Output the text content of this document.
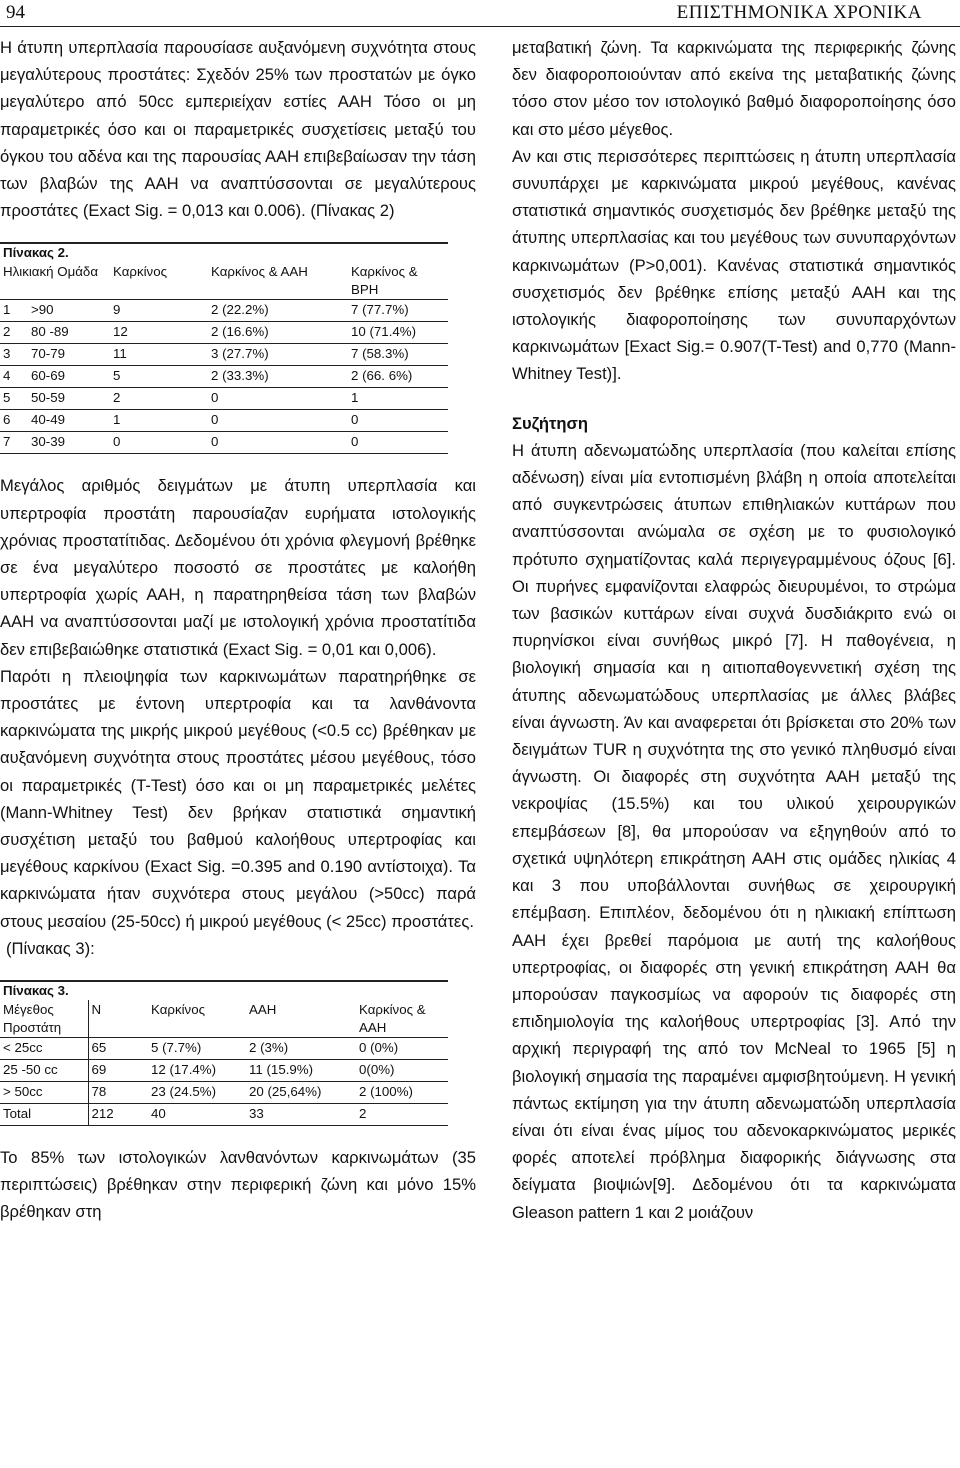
94	ΕΠΙΣΤΗΜΟΝΙΚΑ ΧΡΟΝΙΚΑ

Η άτυπη υπερπλασία παρουσίασε αυξανόμενη συχνότητα στους μεγαλύτερους προστάτες: Σχεδόν 25% των προστατών με όγκο μεγαλύτερο από 50cc εμπεριείχαν εστίες ΑΑΗ Τόσο οι μη παραμετρικές όσο και οι παραμετρικές συσχετίσεις μεταξύ του όγκου του αδένα και της παρουσίας ΑΑΗ επιβεβαίωσαν την τάση των βλαβών της ΑΑΗ να αναπτύσσονται σε μεγαλύτερους προστάτες (Exact Sig. = 0,013 και 0.006). (Πίνακας 2)

Πίνακας 2.
Ηλικιακή Ομάδα		Καρκίνος	Καρκίνος & ΑΑΗ	Καρκίνος & BPH
1	>90	9	2 (22.2%)	7 (77.7%)
2	80 -89	12	2 (16.6%)	10 (71.4%)
3	70-79	11	3 (27.7%)	7 (58.3%)
4	60-69	5	2 (33.3%)	2 (66. 6%)
5	50-59	2	0	1
6	40-49	1	0	0
7	30-39	0	0	0

Μεγάλος αριθμός δειγμάτων με άτυπη υπερπλασία και υπερτροφία προστάτη παρουσίαζαν ευρήματα ιστολογικής χρόνιας προστατίτιδας. Δεδομένου ότι χρόνια φλεγμονή βρέθηκε σε ένα μεγαλύτερο ποσοστό σε προστάτες με καλοήθη υπερτροφία χωρίς ΑΑΗ, η παρατηρηθείσα τάση των βλαβών ΑΑΗ να αναπτύσσονται μαζί με ιστολογική χρόνια προστατίτιδα δεν επιβεβαιώθηκε στατιστικά (Exact Sig. = 0,01 και 0,006).

Παρότι η πλειοψηφία των καρκινωμάτων παρατηρήθηκε σε προστάτες με έντονη υπερτροφία και τα λανθάνοντα καρκινώματα της μικρής μικρού μεγέθους (<0.5 cc) βρέθηκαν με αυξανόμενη συχνότητα στους προστάτες μέσου μεγέθους, τόσο οι παραμετρικές (T-Test) όσο και οι μη παραμετρικές μελέτες (Mann-Whitney Test) δεν βρήκαν στατιστικά σημαντική συσχέτιση μεταξύ του βαθμού καλοήθους υπερτροφίας και μεγέθους καρκίνου (Exact Sig. =0.395 and 0.190 αντίστοιχα). Τα καρκινώματα ήταν συχνότερα στους μεγάλου (>50cc) παρά στους μεσαίου (25-50cc) ή μικρού μεγέθους (< 25cc) προστάτες.

(Πίνακας 3):

Πίνακας 3.
Μέγεθος Προστάτη	N	Καρκίνος	AAH	Καρκίνος & ΑΑΗ
< 25cc	65	5 (7.7%)	2 (3%)	0 (0%)
25 -50 cc	69	12 (17.4%)	11 (15.9%)	0(0%)
> 50cc	78	23 (24.5%)	20 (25,64%)	2 (100%)
Total	212	40	33	2

Το 85% των ιστολογικών λανθανόντων καρκινωμάτων (35 περιπτώσεις) βρέθηκαν στην περιφερική ζώνη και μόνο 15% βρέθηκαν στη

μεταβατική ζώνη. Τα καρκινώματα της περιφερικής ζώνης δεν διαφοροποιούνταν από εκείνα της μεταβατικής ζώνης τόσο στον μέσο τον ιστολογικό βαθμό διαφοροποίησης όσο και στο μέσο μέγεθος.

Αν και στις περισσότερες περιπτώσεις η άτυπη υπερπλασία συνυπάρχει με καρκινώματα μικρού μεγέθους, κανένας στατιστικά σημαντικός συσχετισμός δεν βρέθηκε μεταξύ της άτυπης υπερπλασίας και του μεγέθους των συνυπαρχόντων καρκινωμάτων (P>0,001). Κανένας στατιστικά σημαντικός συσχετισμός δεν βρέθηκε επίσης μεταξύ ΑΑΗ και της ιστολογικής διαφοροποίησης των συνυπαρχόντων καρκινωμάτων [Exact Sig.= 0.907(T-Test) and 0,770 (Mann-Whitney Test)].

Συζήτηση

Η άτυπη αδενωματώδης υπερπλασία (που καλείται επίσης αδένωση) είναι μία εντοπισμένη βλάβη η οποία αποτελείται από συγκεντρώσεις άτυπων επιθηλιακών κυττάρων που αναπτύσσονται ανώμαλα σε σχέση με το φυσιολογικό πρότυπο σχηματίζοντας καλά περιγεγραμμένους όζους [6]. Οι πυρήνες εμφανίζονται ελαφρώς διευρυμένοι, το στρώμα των βασικών κυττάρων είναι συχνά δυσδιάκριτο ενώ οι πυρηνίσκοι είναι συνήθως μικρό [7]. Η παθογένεια, η βιολογική σημασία και η αιτιοπαθογεννετική σχέση της άτυπης αδενωματώδους υπερπλασίας με άλλες βλάβες είναι άγνωστη. Άν και αναφερεται ότι βρίσκεται στο 20% των δειγμάτων TUR η συχνότητα της στο γενικό πληθυσμό είναι άγνωστη. Οι διαφορές στη συχνότητα ΑΑΗ μεταξύ της νεκροψίας (15.5%) και του υλικού χειρουργικών επεμβάσεων [8], θα μπορούσαν να εξηγηθούν από το σχετικά υψηλότερη επικράτηση ΑΑΗ στις ομάδες ηλικίας 4 και 3 που υποβάλλονται συνήθως σε χειρουργική επέμβαση. Επιπλέον, δεδομένου ότι η ηλικιακή επίπτωση ΑΑΗ έχει βρεθεί παρόμοια με αυτή της καλοήθους υπερτροφίας, οι διαφορές στη γενική επικράτηση ΑΑΗ θα μπορούσαν παγκοσμίως να αφορούν τις διαφορές στη επιδημιολογία της καλοήθους υπερτροφίας [3]. Από την αρχική περιγραφή της από τον McNeal το 1965 [5] η βιολογική σημασία της παραμένει αμφισβητούμενη. Η γενική πάντως εκτίμηση για την άτυπη αδενωματώδη υπερπλασία είναι ότι είναι ένας μίμος του αδενοκαρκινώματος μερικές φορές αποτελεί πρόβλημα διαφορικής διάγνωσης στα δείγματα βιοψιών[9]. Δεδομένου ότι τα καρκινώματα Gleason pattern 1 και 2 μοιάζουν
